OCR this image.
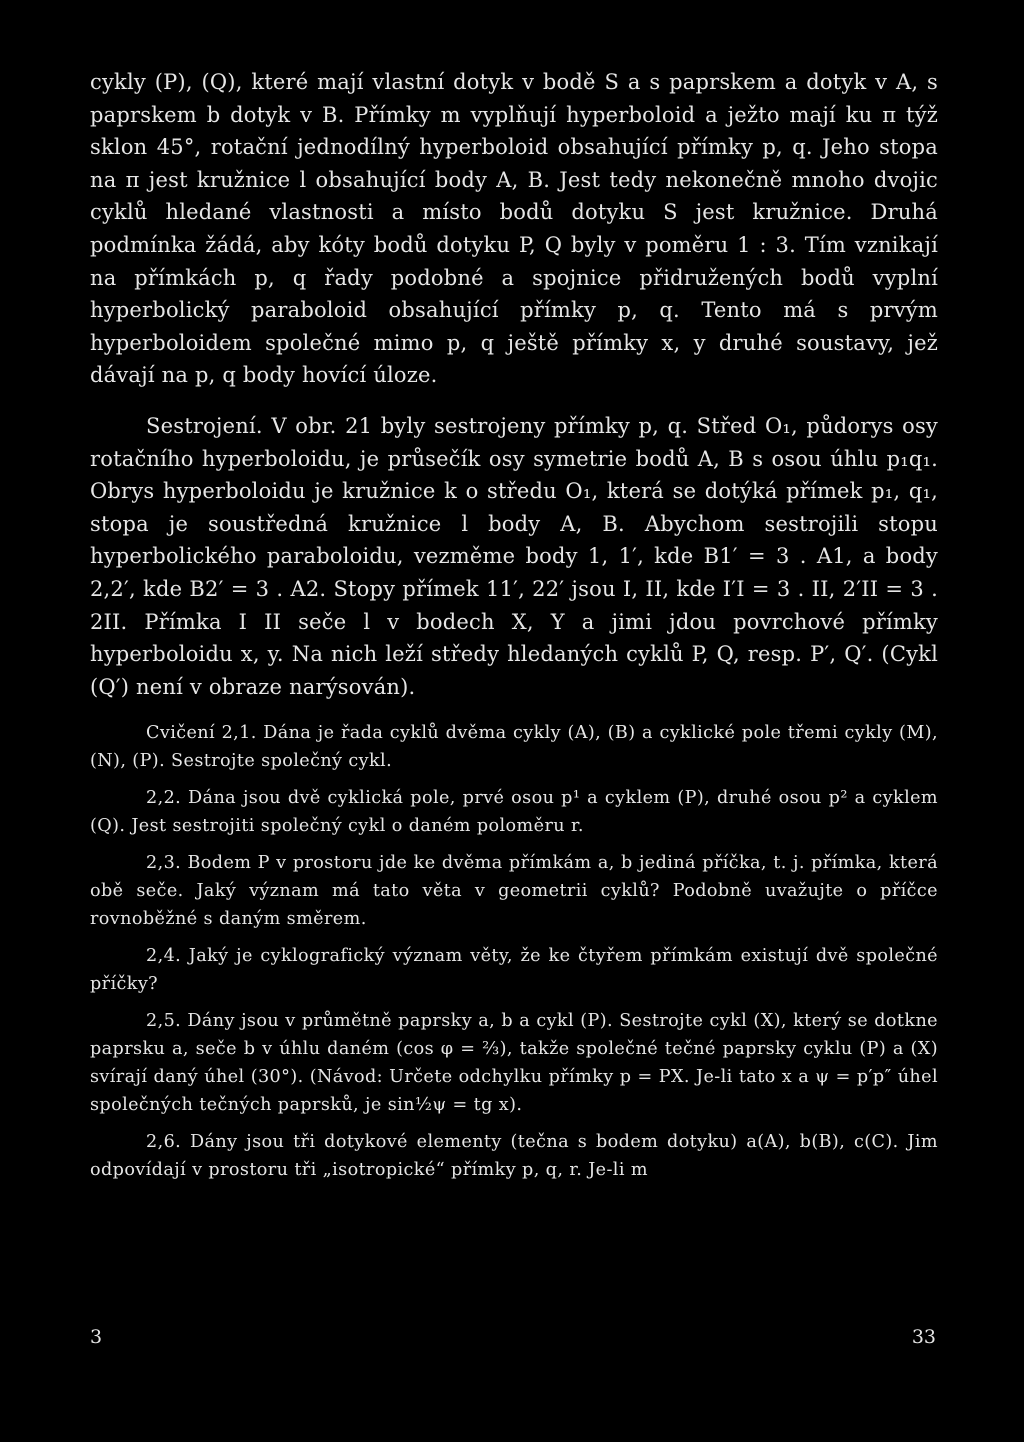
cykly (P), (Q), které mají vlastní dotyk v bodě S a s paprskem a dotyk v A, s paprskem b dotyk v B. Přímky m vyplňují hyperboloid a ježto mají ku π týž sklon 45°, rotační jednodílný hyperboloid obsahující přímky p, q. Jeho stopa na π jest kružnice l obsahující body A, B. Jest tedy nekonečně mnoho dvojic cyklů hledané vlastnosti a místo bodů dotyku S jest kružnice. Druhá podmínka žádá, aby kóty bodů dotyku P, Q byly v poměru 1 : 3. Tím vznikají na přímkách p, q řady podobné a spojnice přidružených bodů vyplní hyperbolický paraboloid obsahující přímky p, q. Tento má s prvým hyperboloidem společné mimo p, q ještě přímky x, y druhé soustavy, jež dávají na p, q body hovící úloze.

Sestrojení. V obr. 21 byly sestrojeny přímky p, q. Střed O₁, půdorys osy rotačního hyperboloidu, je průsečík osy symetrie bodů A, B s osou úhlu p₁q₁. Obrys hyperboloidu je kružnice k o středu O₁, která se dotýká přímek p₁, q₁, stopa je soustředná kružnice l body A, B. Abychom sestrojili stopu hyperbolického paraboloidu, vezměme body 1, 1′, kde B1′ = 3 . A1, a body 2,2′, kde B2′ = 3 . A2. Stopy přímek 11′, 22′ jsou I, II, kde I′I = 3 . II, 2′II = 3 . 2II. Přímka I II seče l v bodech X, Y a jimi jdou povrchové přímky hyperboloidu x, y. Na nich leží středy hledaných cyklů P, Q, resp. P′, Q′. (Cykl (Q′) není v obraze narýsován).

Cvičení 2,1. Dána je řada cyklů dvěma cykly (A), (B) a cyklické pole třemi cykly (M), (N), (P). Sestrojte společný cykl.

2,2. Dána jsou dvě cyklická pole, prvé osou p¹ a cyklem (P), druhé osou p² a cyklem (Q). Jest sestrojiti společný cykl o daném poloměru r.

2,3. Bodem P v prostoru jde ke dvěma přímkám a, b jediná příčka, t. j. přímka, která obě seče. Jaký význam má tato věta v geometrii cyklů? Podobně uvažujte o příčce rovnoběžné s daným směrem.

2,4. Jaký je cyklografický význam věty, že ke čtyřem přímkám existují dvě společné příčky?

2,5. Dány jsou v průmětně paprsky a, b a cykl (P). Sestrojte cykl (X), který se dotkne paprsku a, seče b v úhlu daném (cos φ = ⅔), takže společné tečné paprsky cyklu (P) a (X) svírají daný úhel (30°). (Návod: Určete odchylku přímky p = PX. Je-li tato x a ψ = p′p″ úhel společných tečných paprsků, je sin½ψ = tg x).

2,6. Dány jsou tři dotykové elementy (tečna s bodem dotyku) a(A), b(B), c(C). Jim odpovídají v prostoru tři „isotropické“ přímky p, q, r. Je-li m

3	33
